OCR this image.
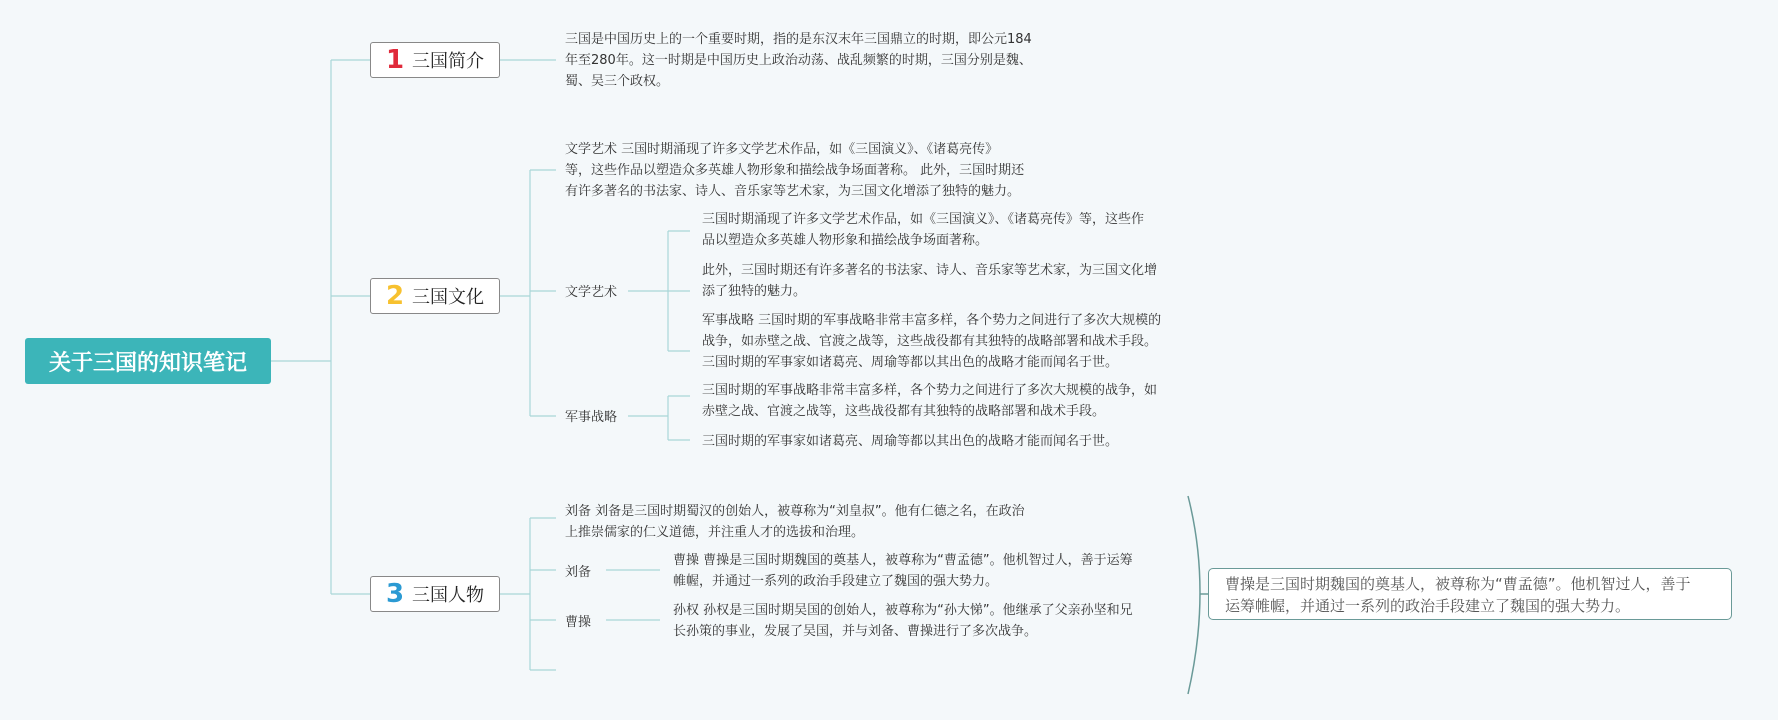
关于三国的知识笔记
1 三国简介
2 三国文化
3 三国人物
三国是中国历史上的一个重要时期，指的是东汉末年三国鼎立的时期，即公元184
年至280年。这一时期是中国历史上政治动荡、战乱频繁的时期，三国分别是魏、
蜀、吴三个政权。
文学艺术 三国时期涌现了许多文学艺术作品，如《三国演义》、《诸葛亮传》
等，这些作品以塑造众多英雄人物形象和描绘战争场面著称。 此外，三国时期还
有许多著名的书法家、诗人、音乐家等艺术家，为三国文化增添了独特的魅力。
文学艺术
三国时期涌现了许多文学艺术作品，如《三国演义》、《诸葛亮传》等，这些作
品以塑造众多英雄人物形象和描绘战争场面著称。
此外，三国时期还有许多著名的书法家、诗人、音乐家等艺术家，为三国文化增
添了独特的魅力。
军事战略 三国时期的军事战略非常丰富多样，各个势力之间进行了多次大规模的
战争，如赤壁之战、官渡之战等，这些战役都有其独特的战略部署和战术手段。
三国时期的军事家如诸葛亮、周瑜等都以其出色的战略才能而闻名于世。
军事战略
三国时期的军事战略非常丰富多样，各个势力之间进行了多次大规模的战争，如
赤壁之战、官渡之战等，这些战役都有其独特的战略部署和战术手段。
三国时期的军事家如诸葛亮、周瑜等都以其出色的战略才能而闻名于世。
刘备 刘备是三国时期蜀汉的创始人，被尊称为“刘皇叔”。他有仁德之名，在政治
上推崇儒家的仁义道德，并注重人才的选拔和治理。
刘备
曹操
曹操 曹操是三国时期魏国的奠基人，被尊称为“曹孟德”。他机智过人，善于运筹
帷幄，并通过一系列的政治手段建立了魏国的强大势力。
孙权 孙权是三国时期吴国的创始人，被尊称为“孙大悌”。他继承了父亲孙坚和兄
长孙策的事业，发展了吴国，并与刘备、曹操进行了多次战争。
曹操是三国时期魏国的奠基人，被尊称为“曹孟德”。他机智过人，善于
运筹帷幄，并通过一系列的政治手段建立了魏国的强大势力。
